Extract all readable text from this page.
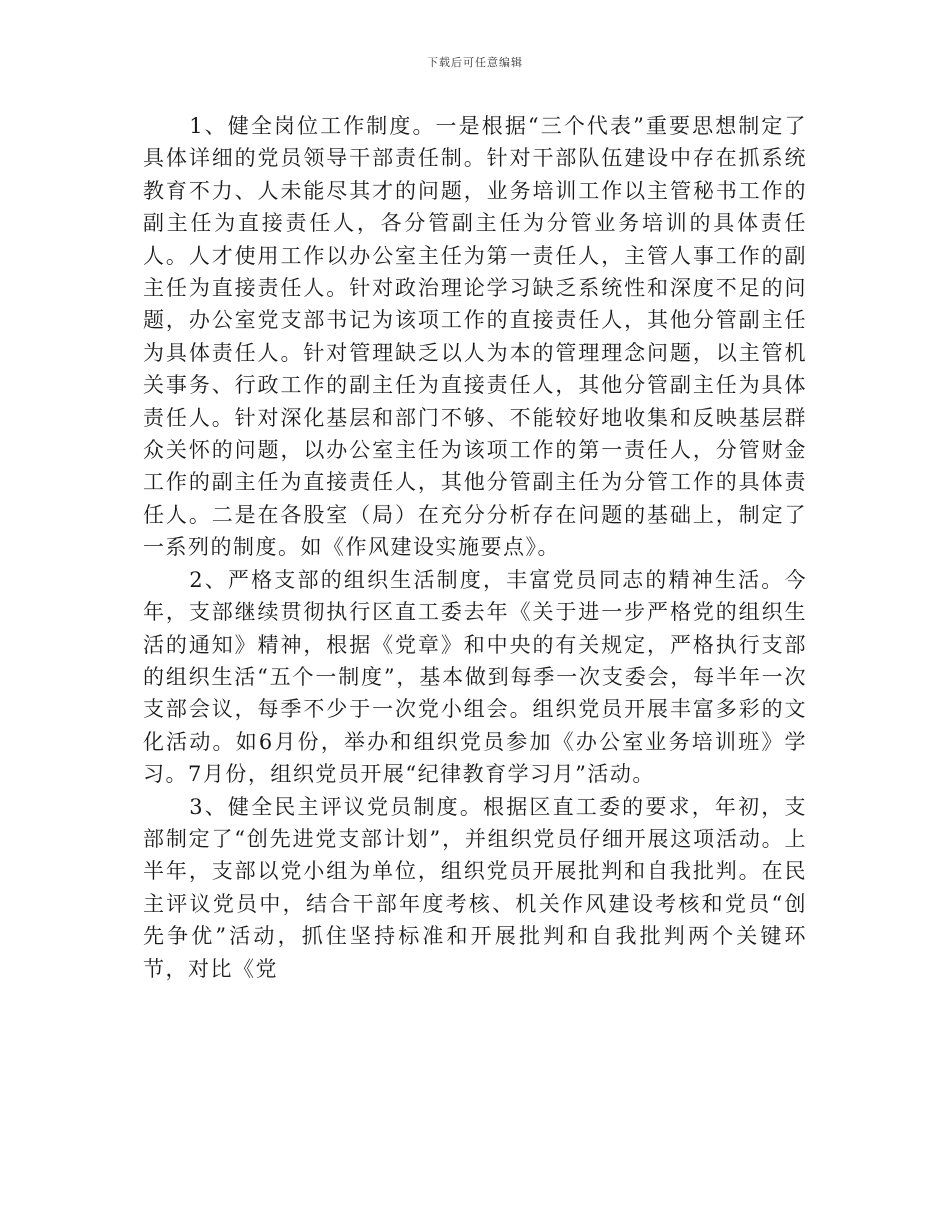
下载后可任意编辑

1、健全岗位工作制度。一是根据“三个代表”重要思想制定了具体详细的党员领导干部责任制。针对干部队伍建设中存在抓系统教育不力、人未能尽其才的问题，业务培训工作以主管秘书工作的副主任为直接责任人，各分管副主任为分管业务培训的具体责任人。人才使用工作以办公室主任为第一责任人，主管人事工作的副主任为直接责任人。针对政治理论学习缺乏系统性和深度不足的问题，办公室党支部书记为该项工作的直接责任人，其他分管副主任为具体责任人。针对管理缺乏以人为本的管理理念问题，以主管机关事务、行政工作的副主任为直接责任人，其他分管副主任为具体责任人。针对深化基层和部门不够、不能较好地收集和反映基层群众关怀的问题，以办公室主任为该项工作的第一责任人，分管财金工作的副主任为直接责任人，其他分管副主任为分管工作的具体责任人。二是在各股室（局）在充分分析存在问题的基础上，制定了一系列的制度。如《作风建设实施要点》。

2、严格支部的组织生活制度，丰富党员同志的精神生活。今年，支部继续贯彻执行区直工委去年《关于进一步严格党的组织生活的通知》精神，根据《党章》和中央的有关规定，严格执行支部的组织生活“五个一制度”，基本做到每季一次支委会，每半年一次支部会议，每季不少于一次党小组会。组织党员开展丰富多彩的文化活动。如6月份，举办和组织党员参加《办公室业务培训班》学习。7月份，组织党员开展“纪律教育学习月”活动。

3、健全民主评议党员制度。根据区直工委的要求，年初，支部制定了“创先进党支部计划”，并组织党员仔细开展这项活动。上半年，支部以党小组为单位，组织党员开展批判和自我批判。在民主评议党员中，结合干部年度考核、机关作风建设考核和党员“创先争优”活动，抓住坚持标准和开展批判和自我批判两个关键环节，对比《党
